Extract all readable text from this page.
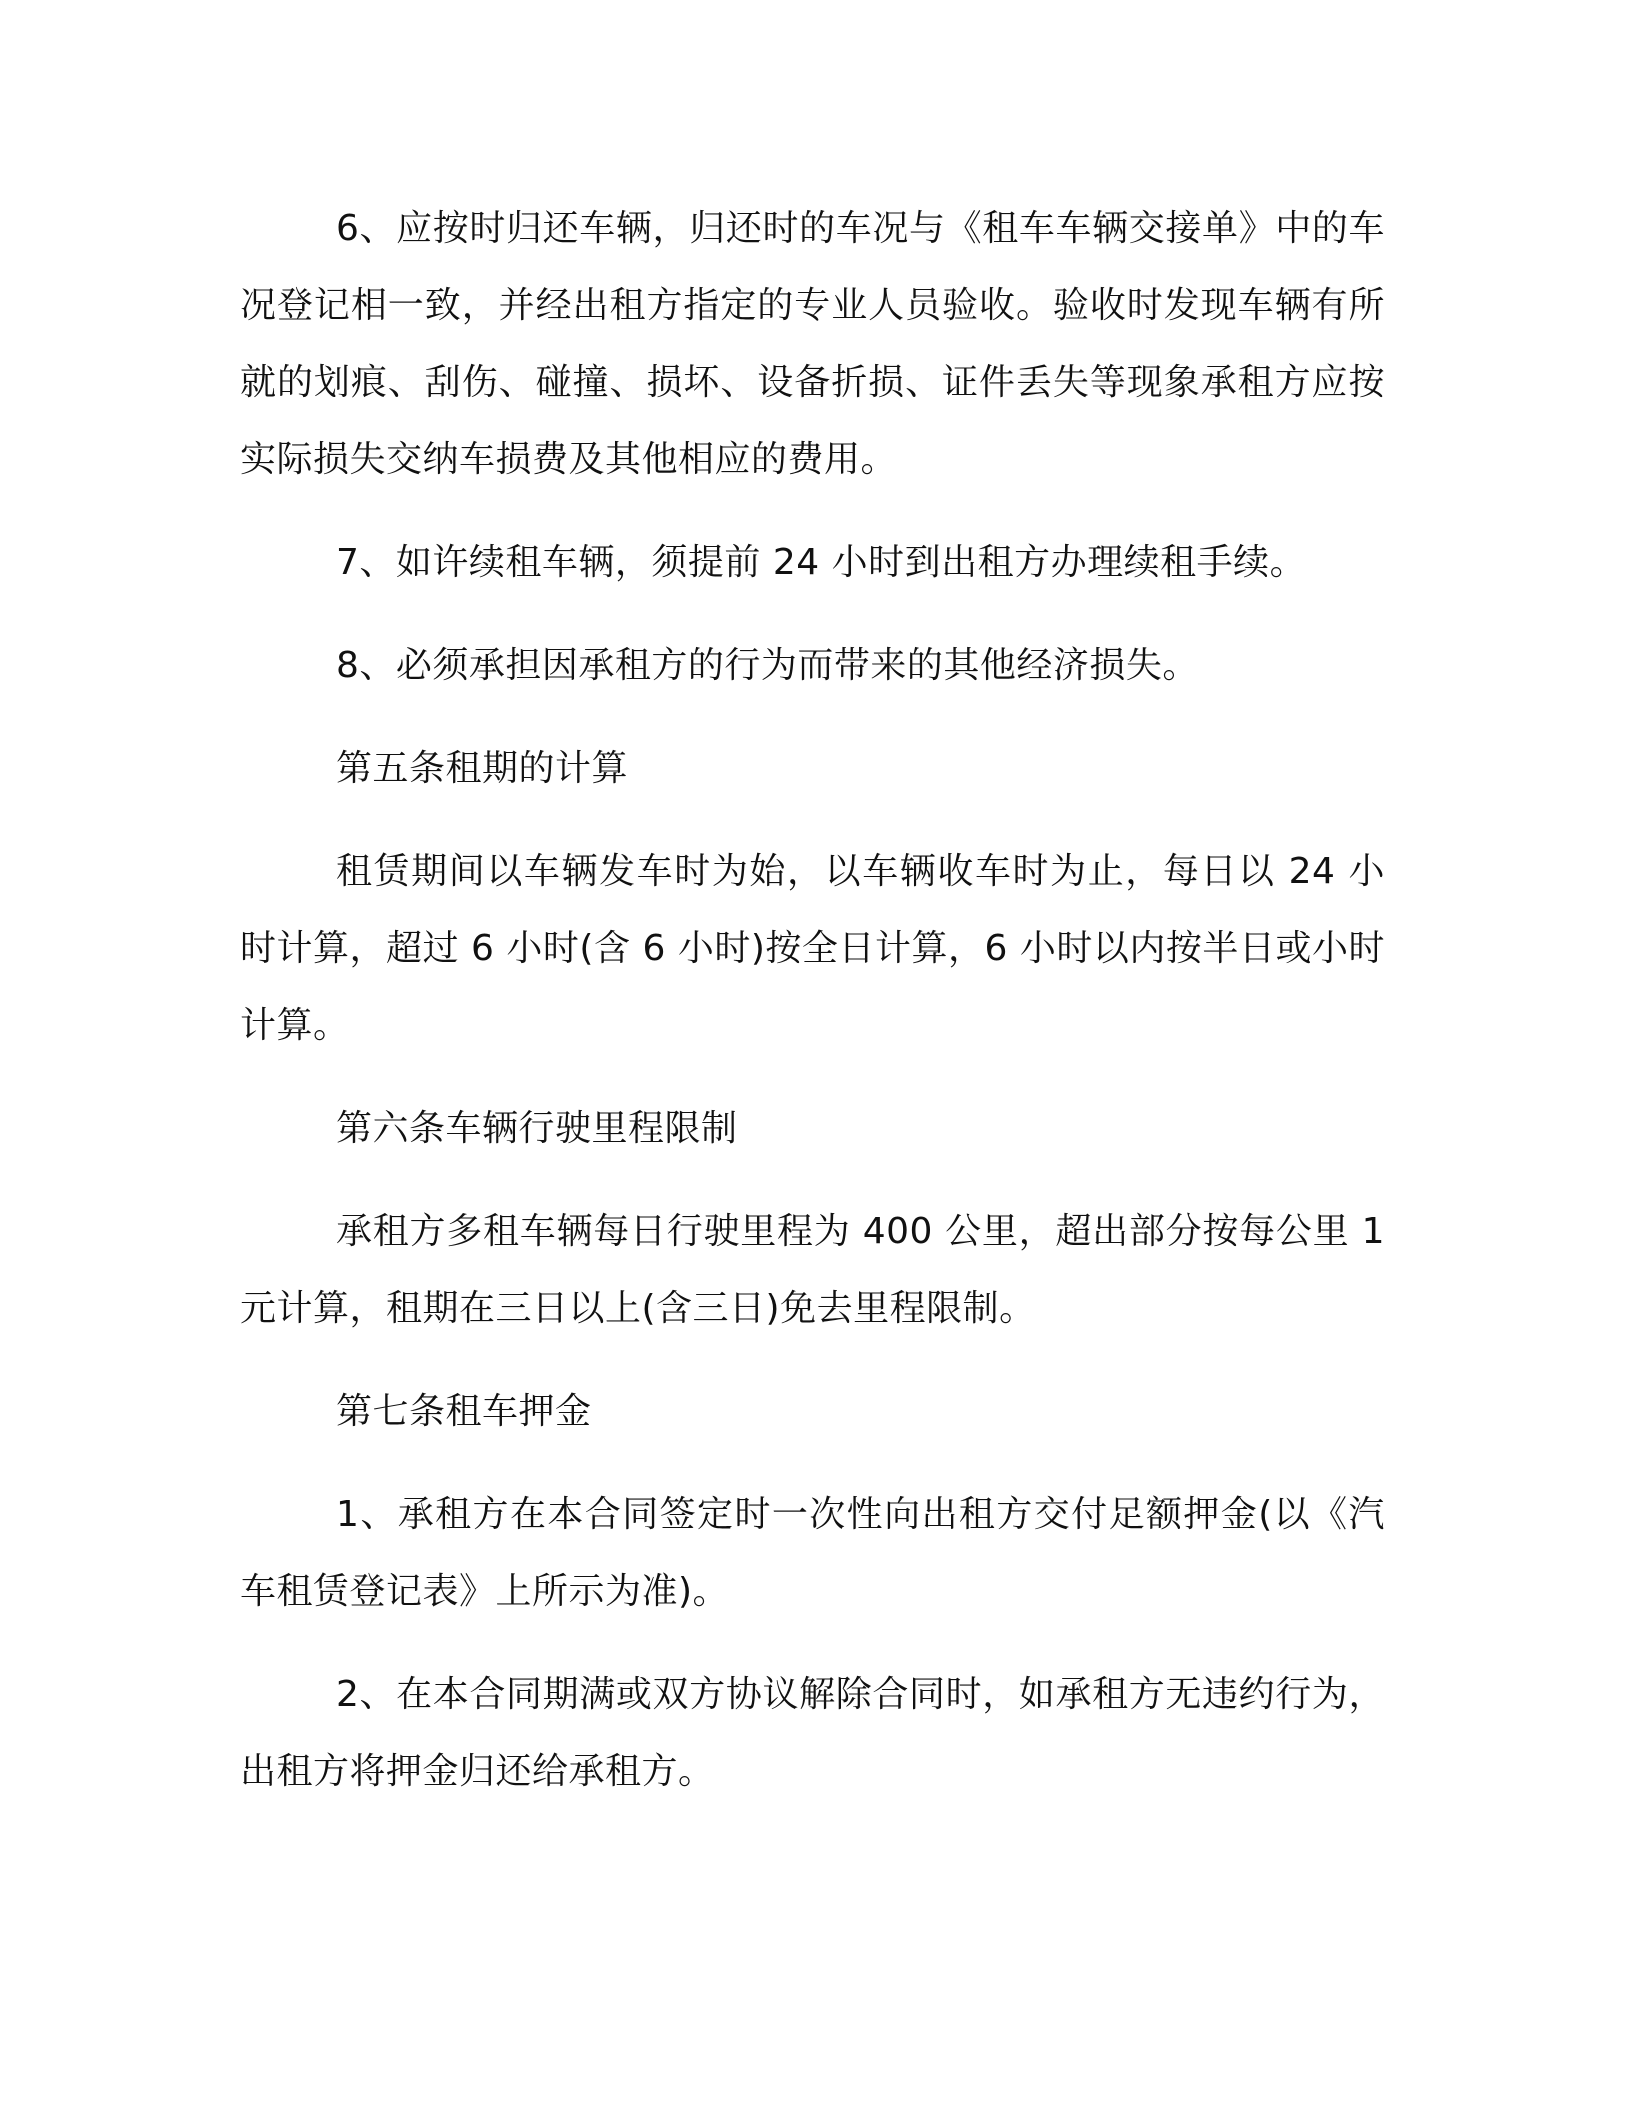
6、应按时归还车辆，归还时的车况与《租车车辆交接单》中的车况登记相一致，并经出租方指定的专业人员验收。验收时发现车辆有所就的划痕、刮伤、碰撞、损坏、设备折损、证件丢失等现象承租方应按实际损失交纳车损费及其他相应的费用。

7、如许续租车辆，须提前 24 小时到出租方办理续租手续。

8、必须承担因承租方的行为而带来的其他经济损失。

第五条租期的计算

租赁期间以车辆发车时为始，以车辆收车时为止，每日以 24 小时计算，超过 6 小时(含 6 小时)按全日计算，6 小时以内按半日或小时计算。

第六条车辆行驶里程限制

承租方多租车辆每日行驶里程为 400 公里，超出部分按每公里 1 元计算，租期在三日以上(含三日)免去里程限制。

第七条租车押金

1、承租方在本合同签定时一次性向出租方交付足额押金(以《汽车租赁登记表》上所示为准)。

2、在本合同期满或双方协议解除合同时，如承租方无违约行为，出租方将押金归还给承租方。
